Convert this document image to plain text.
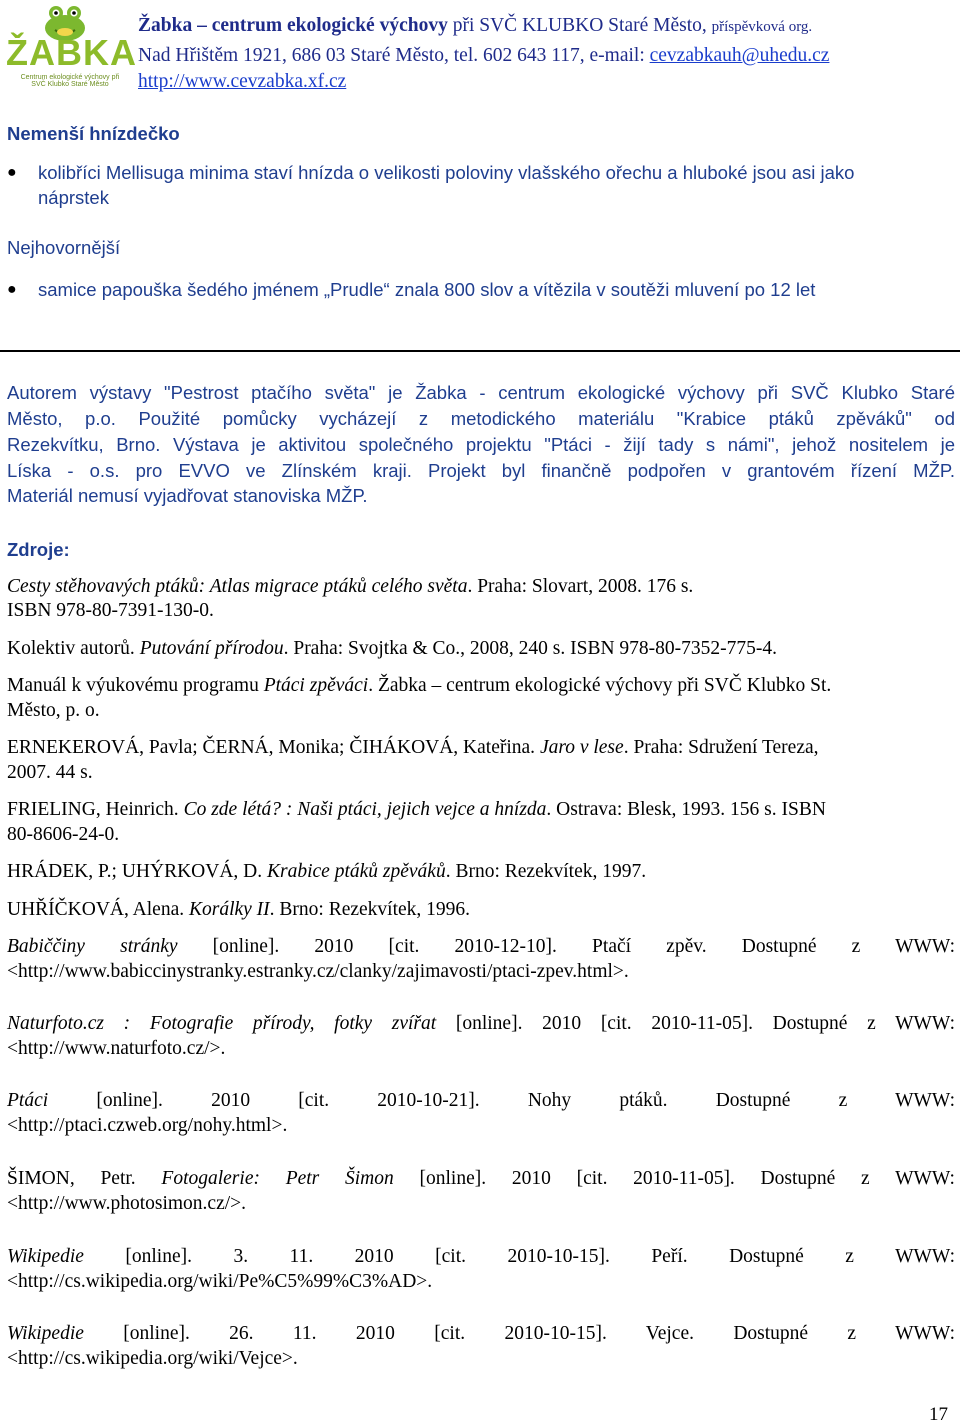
ŽABKA
Centrum ekologické výchovy při SVČ Klubko Staré Město
Žabka – centrum ekologické výchovy při SVČ KLUBKO Staré Město, příspěvková org.
Nad Hřištěm 1921, 686 03 Staré Město, tel. 602 643 117, e-mail: cevzabkauh@uhedu.cz
http://www.cevzabka.xf.cz
Nemenší hnízdečko
● kolibříci Mellisuga minima staví hnízda o velikosti poloviny vlašského ořechu a hluboké jsou asi jako
náprstek
Nejhovornější
● samice papouška šedého jménem „Prudle“ znala 800 slov a vítězila v soutěži mluvení po 12 let
Autorem výstavy "Pestrost ptačího světa" je Žabka - centrum ekologické výchovy při SVČ Klubko Staré
Město, p.o. Použité pomůcky vycházejí z metodického materiálu "Krabice ptáků zpěváků" od
Rezekvítku, Brno. Výstava je aktivitou společného projektu "Ptáci - žijí tady s námi", jehož nositelem je
Líska - o.s. pro EVVO ve Zlínském kraji. Projekt byl finančně podpořen v grantovém řízení MŽP.
Materiál nemusí vyjadřovat stanoviska MŽP.
Zdroje:
Cesty stěhovavých ptáků: Atlas migrace ptáků celého světa. Praha: Slovart, 2008. 176 s.
ISBN 978-80-7391-130-0.
Kolektiv autorů. Putování přírodou. Praha: Svojtka & Co., 2008, 240 s. ISBN 978-80-7352-775-4.
Manuál k výukovému programu Ptáci zpěváci. Žabka – centrum ekologické výchovy při SVČ Klubko St.
Město, p. o.
ERNEKEROVÁ, Pavla; ČERNÁ, Monika; ČIHÁKOVÁ, Kateřina. Jaro v lese. Praha: Sdružení Tereza,
2007. 44 s.
FRIELING, Heinrich. Co zde létá? : Naši ptáci, jejich vejce a hnízda. Ostrava: Blesk, 1993. 156 s. ISBN
80-8606-24-0.
HRÁDEK, P.; UHÝRKOVÁ, D. Krabice ptáků zpěváků. Brno: Rezekvítek, 1997.
UHŘÍČKOVÁ, Alena. Korálky II. Brno: Rezekvítek, 1996.
Babiččiny stránky [online]. 2010 [cit. 2010-12-10]. Ptačí zpěv. Dostupné z WWW:
<http://www.babiccinystranky.estranky.cz/clanky/zajimavosti/ptaci-zpev.html>.
Naturfoto.cz : Fotografie přírody, fotky zvířat [online]. 2010 [cit. 2010-11-05]. Dostupné z WWW:
<http://www.naturfoto.cz/>.
Ptáci [online]. 2010 [cit. 2010-10-21]. Nohy ptáků. Dostupné z WWW:
<http://ptaci.czweb.org/nohy.html>.
ŠIMON, Petr. Fotogalerie: Petr Šimon [online]. 2010 [cit. 2010-11-05]. Dostupné z WWW:
<http://www.photosimon.cz/>.
Wikipedie [online]. 3. 11. 2010 [cit. 2010-10-15]. Peří. Dostupné z WWW:
<http://cs.wikipedia.org/wiki/Pe%C5%99%C3%AD>.
Wikipedie [online]. 26. 11. 2010 [cit. 2010-10-15]. Vejce. Dostupné z WWW:
<http://cs.wikipedia.org/wiki/Vejce>.
17
